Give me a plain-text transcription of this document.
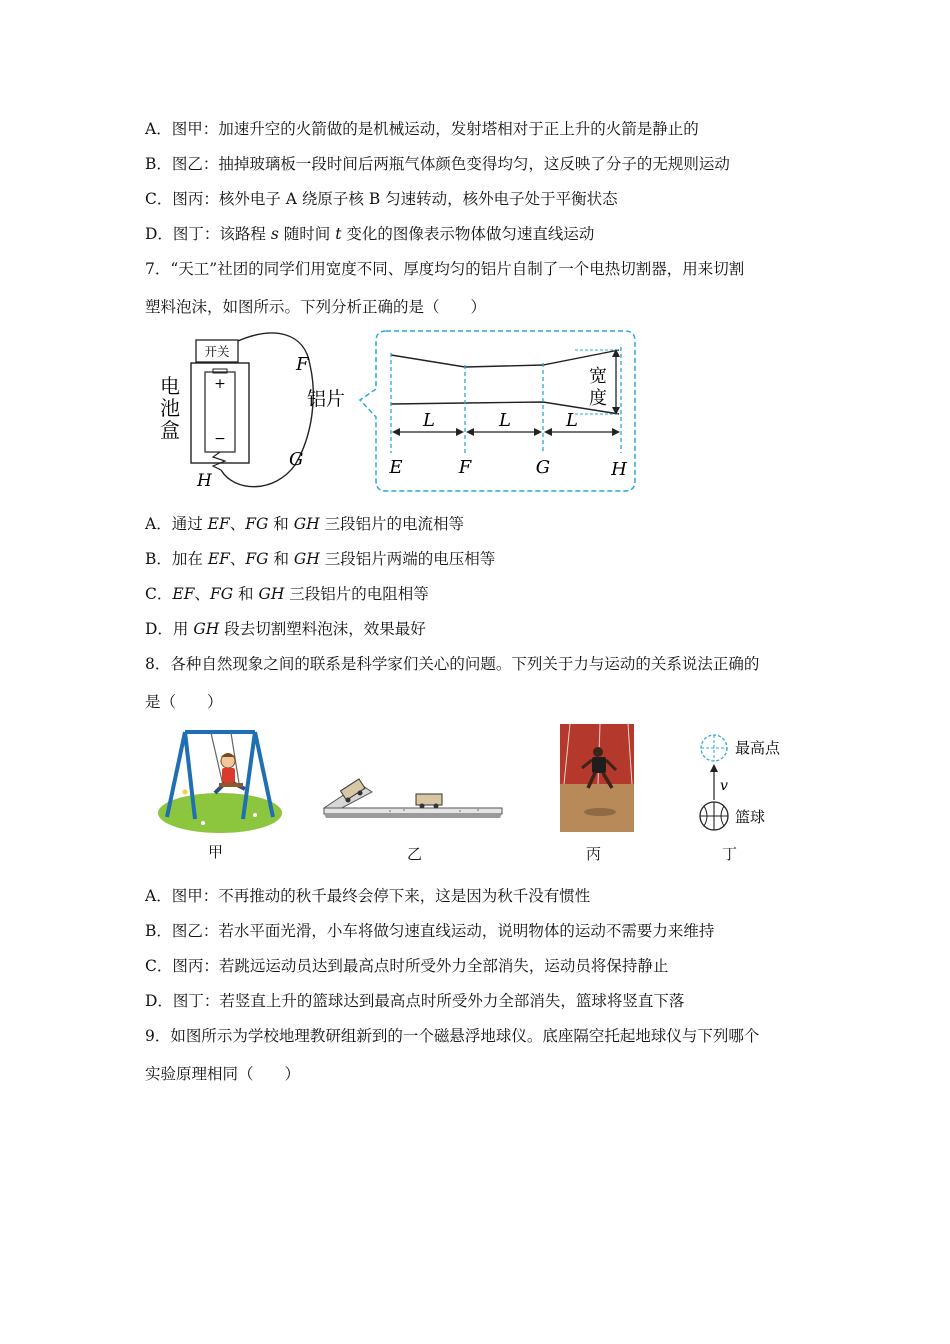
A．图甲：加速升空的火箭做的是机械运动，发射塔相对于正上升的火箭是静止的
B．图乙：抽掉玻璃板一段时间后两瓶气体颜色变得均匀，这反映了分子的无规则运动
C．图丙：核外电子 A 绕原子核 B 匀速转动，核外电子处于平衡状态
D．图丁：该路程 s 随时间 t 变化的图像表示物体做匀速直线运动
7．“天工”社团的同学们用宽度不同、厚度均匀的铝片自制了一个电热切割器，用来切割
塑料泡沫，如图所示。下列分析正确的是（　　）
开关
+
−
电
池
盒
F
G
H
铝片
宽
度
L	L	L
E	F	G	H
A．通过 EF、FG 和 GH 三段铝片的电流相等
B．加在 EF、FG 和 GH 三段铝片两端的电压相等
C．EF、FG 和 GH 三段铝片的电阻相等
D．用 GH 段去切割塑料泡沫，效果最好
8．各种自然现象之间的联系是科学家们关心的问题。下列关于力与运动的关系说法正确的
是（　　）
甲	乙	丙
最高点
v
篮球
丁
A．图甲：不再推动的秋千最终会停下来，这是因为秋千没有惯性
B．图乙：若水平面光滑，小车将做匀速直线运动，说明物体的运动不需要力来维持
C．图丙：若跳远运动员达到最高点时所受外力全部消失，运动员将保持静止
D．图丁：若竖直上升的篮球达到最高点时所受外力全部消失，篮球将竖直下落
9．如图所示为学校地理教研组新到的一个磁悬浮地球仪。底座隔空托起地球仪与下列哪个
实验原理相同（　　）
